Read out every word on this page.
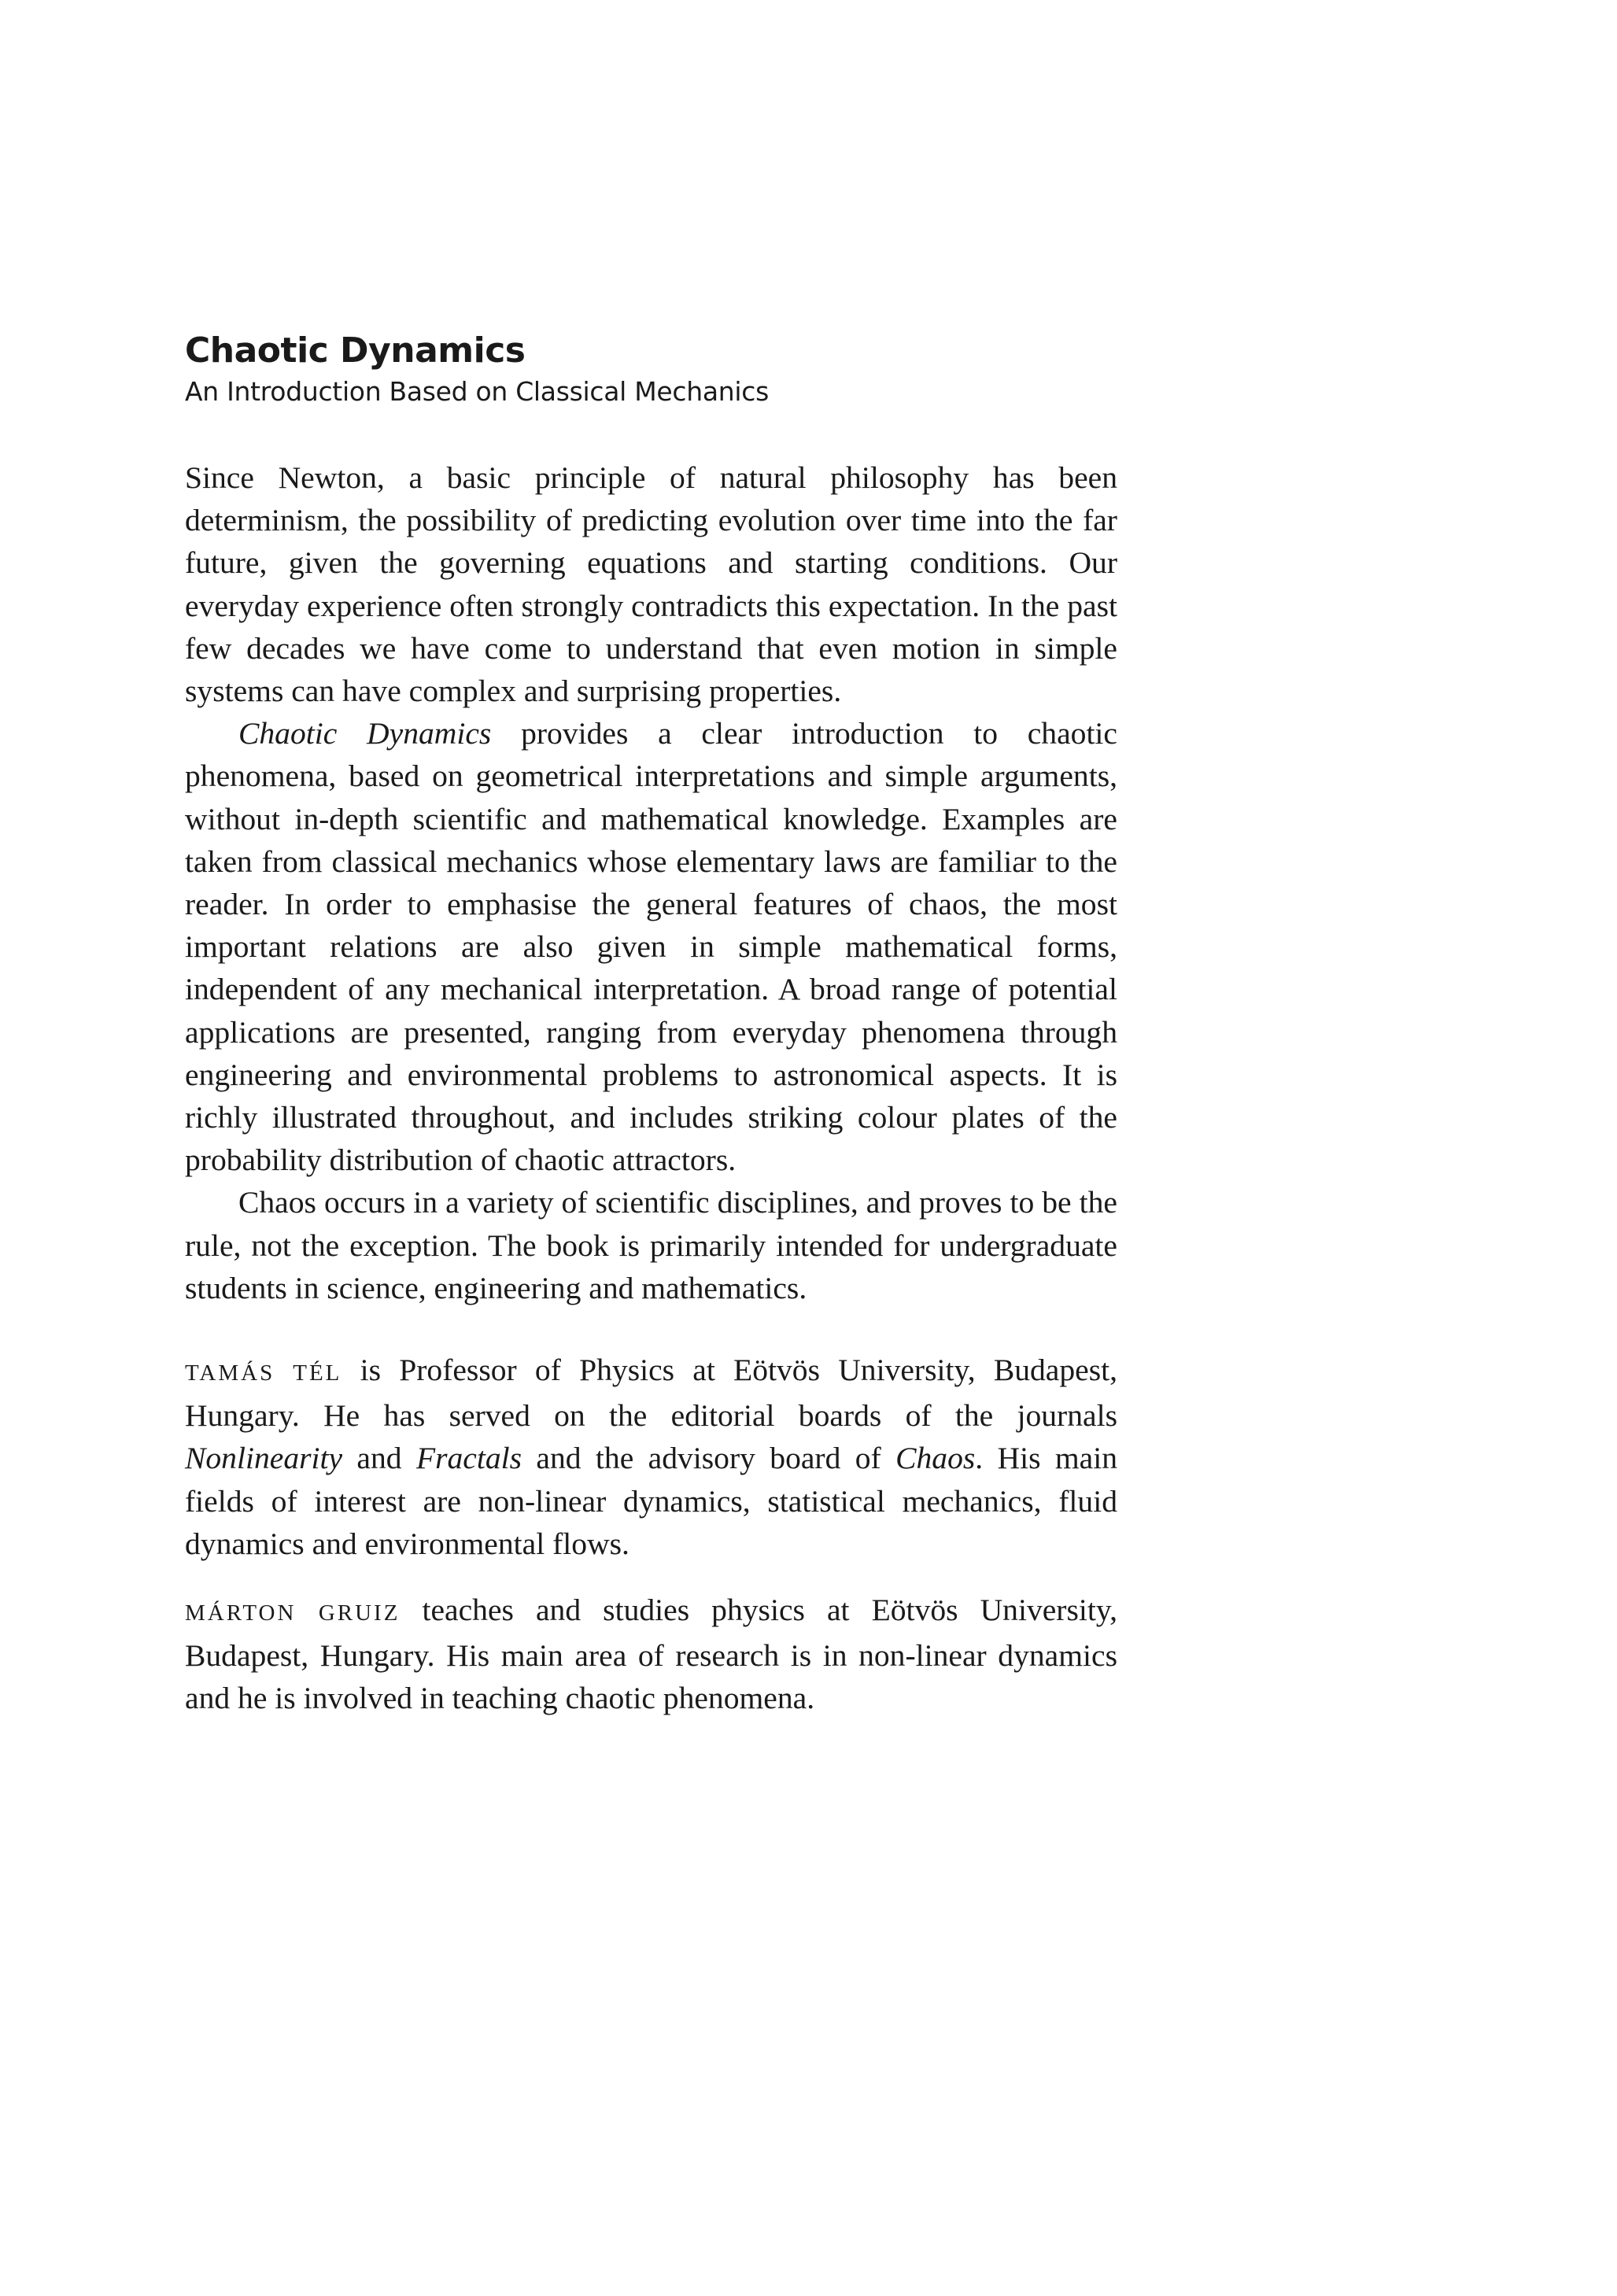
Chaotic Dynamics

An Introduction Based on Classical Mechanics

Since Newton, a basic principle of natural philosophy has been determinism, the possibility of predicting evolution over time into the far future, given the governing equations and starting conditions. Our everyday experience often strongly contradicts this expectation. In the past few decades we have come to understand that even motion in simple systems can have complex and surprising properties.

Chaotic Dynamics provides a clear introduction to chaotic phenomena, based on geometrical interpretations and simple arguments, without in-depth scientific and mathematical knowledge. Examples are taken from classical mechanics whose elementary laws are familiar to the reader. In order to emphasise the general features of chaos, the most important relations are also given in simple mathematical forms, independent of any mechanical interpretation. A broad range of potential applications are presented, ranging from everyday phenomena through engineering and environmental problems to astronomical aspects. It is richly illustrated throughout, and includes striking colour plates of the probability distribution of chaotic attractors.

Chaos occurs in a variety of scientific disciplines, and proves to be the rule, not the exception. The book is primarily intended for undergraduate students in science, engineering and mathematics.

TAMÁS TÉL is Professor of Physics at Eötvös University, Budapest, Hungary. He has served on the editorial boards of the journals Nonlinearity and Fractals and the advisory board of Chaos. His main fields of interest are non-linear dynamics, statistical mechanics, fluid dynamics and environmental flows.

MÁRTON GRUIZ teaches and studies physics at Eötvös University, Budapest, Hungary. His main area of research is in non-linear dynamics and he is involved in teaching chaotic phenomena.
